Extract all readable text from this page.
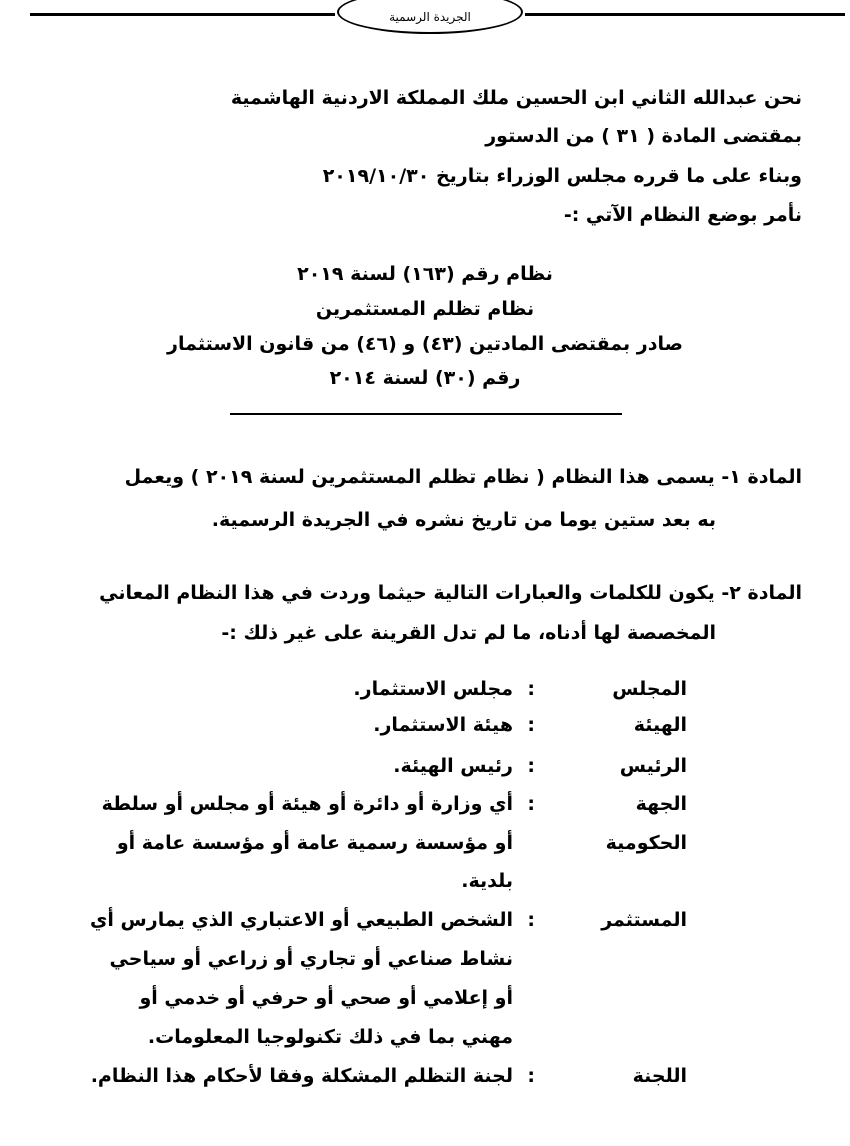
الجريدة الرسمية
نحن عبدالله الثاني ابن الحسين ملك المملكة الاردنية الهاشمية
بمقتضى المادة ( ٣١ ) من الدستور
وبناء على ما قرره مجلس الوزراء بتاريخ ٢٠١٩/١٠/٣٠
نأمر بوضع النظام الآتي :-
نظام رقم (١٦٣) لسنة ٢٠١٩
نظام تظلم المستثمرين
صادر بمقتضى المادتين (٤٣) و (٤٦) من قانون الاستثمار
رقم (٣٠) لسنة ٢٠١٤
المادة ١- يسمى هذا النظام ( نظام تظلم المستثمرين لسنة ٢٠١٩ ) ويعمل
به بعد ستين يوما من تاريخ نشره في الجريدة الرسمية.
المادة ٢- يكون للكلمات والعبارات التالية حيثما وردت في هذا النظام المعاني
المخصصة لها أدناه، ما لم تدل القرينة على غير ذلك :-
المجلس
:
مجلس الاستثمار.
الهيئة
:
هيئة الاستثمار.
الرئيس
:
رئيس الهيئة.
الجهة
:
أي وزارة أو دائرة أو هيئة أو مجلس أو سلطة
الحكومية
أو مؤسسة رسمية عامة أو مؤسسة عامة أو
بلدية.
المستثمر
:
الشخص الطبيعي أو الاعتباري الذي يمارس أي
نشاط صناعي أو تجاري أو زراعي أو سياحي
أو إعلامي أو صحي أو حرفي أو خدمي أو
مهني بما في ذلك تكنولوجيا المعلومات.
اللجنة
:
لجنة التظلم المشكلة وفقا لأحكام هذا النظام.
